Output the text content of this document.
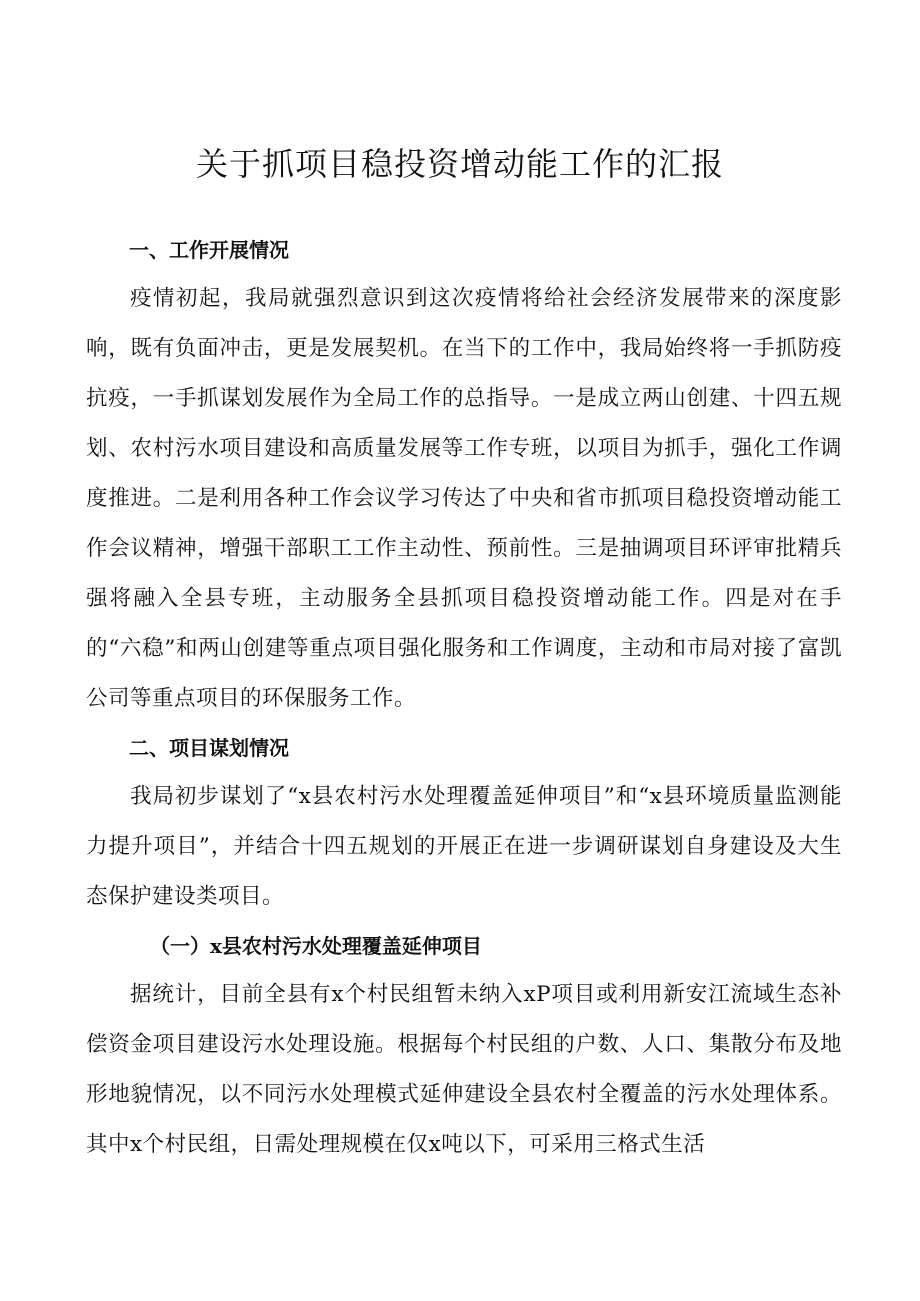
关于抓项目稳投资增动能工作的汇报

一、工作开展情况

疫情初起，我局就强烈意识到这次疫情将给社会经济发展带来的深度影响，既有负面冲击，更是发展契机。在当下的工作中，我局始终将一手抓防疫抗疫，一手抓谋划发展作为全局工作的总指导。一是成立两山创建、十四五规划、农村污水项目建设和高质量发展等工作专班，以项目为抓手，强化工作调度推进。二是利用各种工作会议学习传达了中央和省市抓项目稳投资增动能工作会议精神，增强干部职工工作主动性、预前性。三是抽调项目环评审批精兵强将融入全县专班，主动服务全县抓项目稳投资增动能工作。四是对在手的“六稳”和两山创建等重点项目强化服务和工作调度，主动和市局对接了富凯公司等重点项目的环保服务工作。

二、项目谋划情况

我局初步谋划了“x县农村污水处理覆盖延伸项目”和“x县环境质量监测能力提升项目”，并结合十四五规划的开展正在进一步调研谋划自身建设及大生态保护建设类项目。

（一）x县农村污水处理覆盖延伸项目

据统计，目前全县有x个村民组暂未纳入xP项目或利用新安江流域生态补偿资金项目建设污水处理设施。根据每个村民组的户数、人口、集散分布及地形地貌情况，以不同污水处理模式延伸建设全县农村全覆盖的污水处理体系。其中x个村民组，日需处理规模在仅x吨以下，可采用三格式生活
